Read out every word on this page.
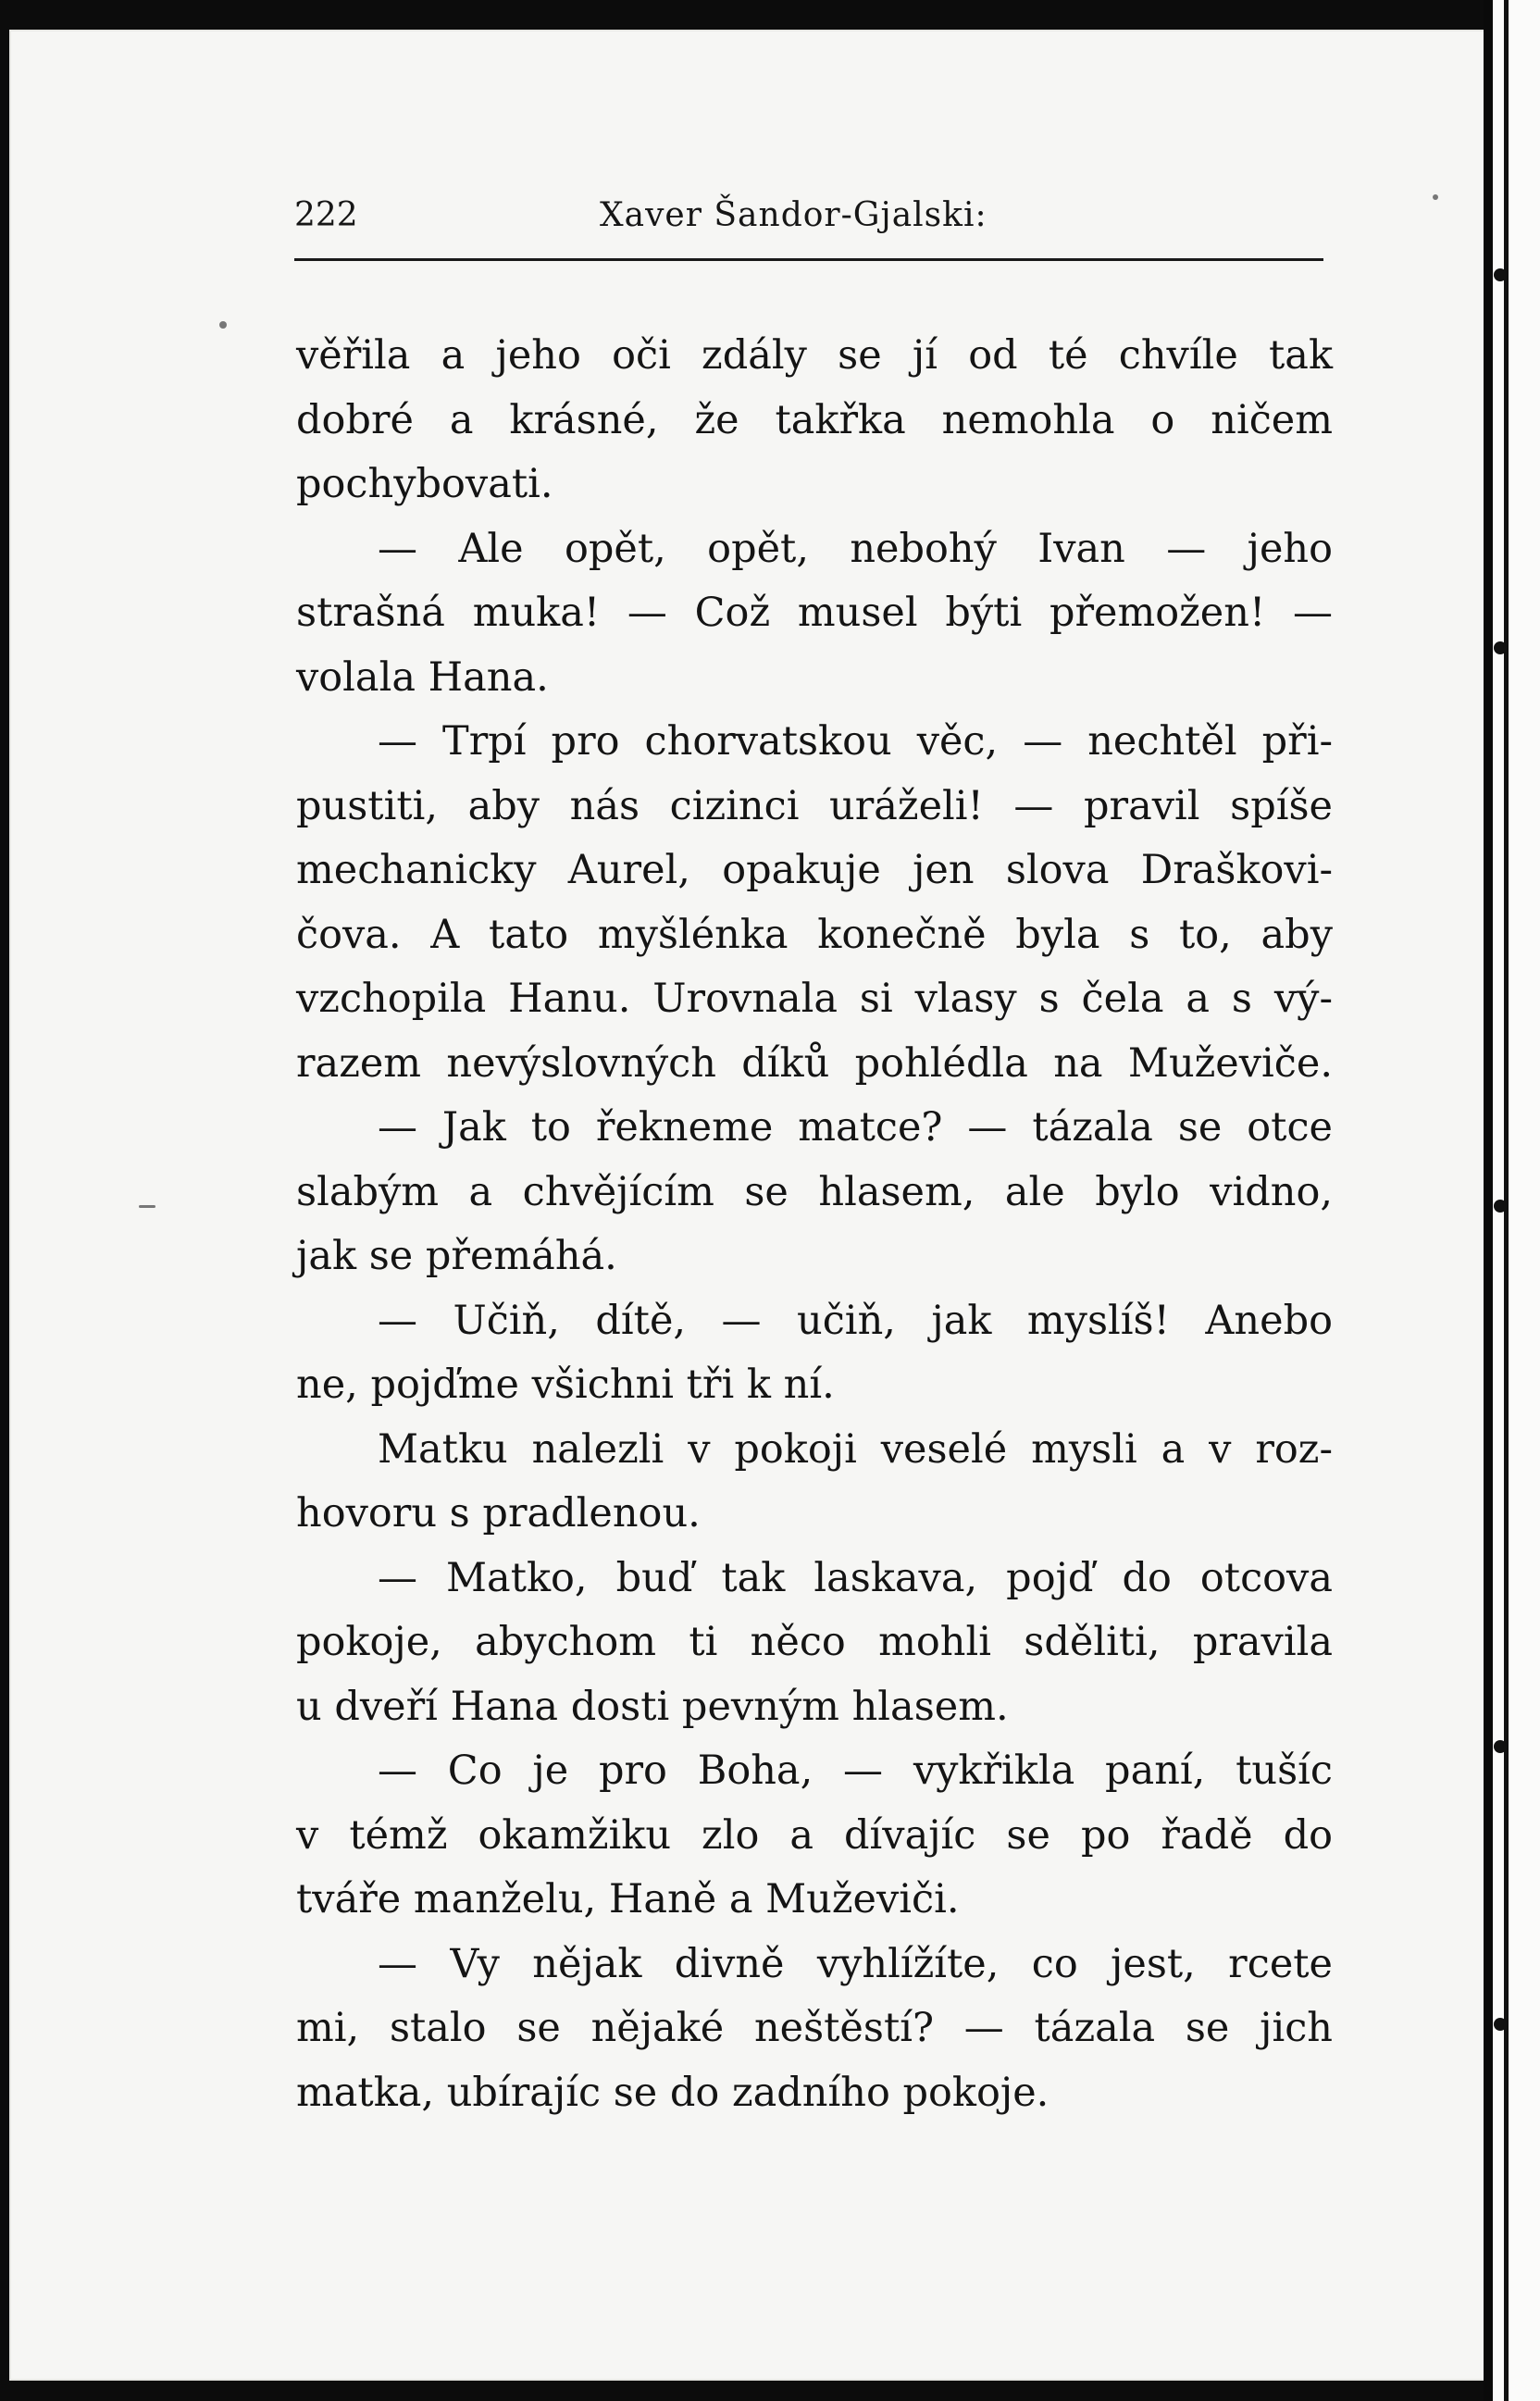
222	Xaver Šandor-Gjalski:
věřila a jeho oči zdály se jí od té chvíle tak
dobré a krásné, že takřka nemohla o ničem
pochybovati.
— Ale opět, opět, nebohý Ivan — jeho
strašná muka! — Což musel býti přemožen! —
volala Hana.
— Trpí pro chorvatskou věc, — nechtěl při-
pustiti, aby nás cizinci uráželi! — pravil spíše
mechanicky Aurel, opakuje jen slova Draškovi-
čova. A tato myšlénka konečně byla s to, aby
vzchopila Hanu. Urovnala si vlasy s čela a s vý-
razem nevýslovných díků pohlédla na Muževiče.
— Jak to řekneme matce? — tázala se otce
slabým a chvějícím se hlasem, ale bylo vidno,
jak se přemáhá.
— Učiň, dítě, — učiň, jak myslíš! Anebo
ne, pojďme všichni tři k ní.
Matku nalezli v pokoji veselé mysli a v roz-
hovoru s pradlenou.
— Matko, buď tak laskava, pojď do otcova
pokoje, abychom ti něco mohli sděliti, pravila
u dveří Hana dosti pevným hlasem.
— Co je pro Boha, — vykřikla paní, tušíc
v témž okamžiku zlo a dívajíc se po řadě do
tváře manželu, Haně a Muževiči.
— Vy nějak divně vyhlížíte, co jest, rcete
mi, stalo se nějaké neštěstí? — tázala se jich
matka, ubírajíc se do zadního pokoje.
